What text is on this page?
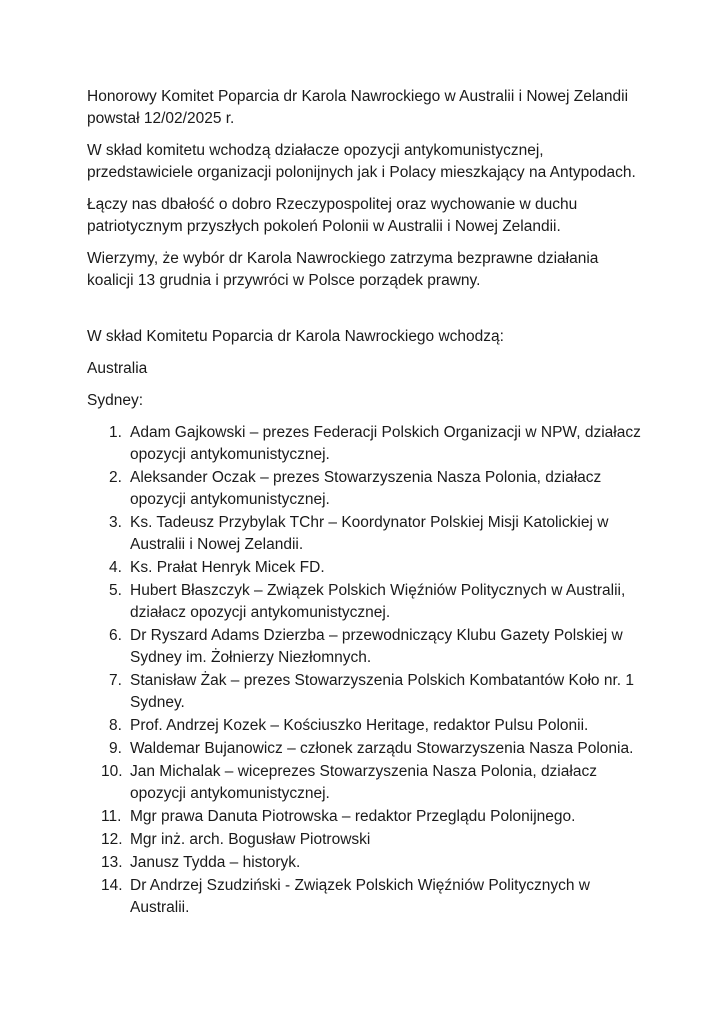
Honorowy Komitet Poparcia dr Karola Nawrockiego w Australii i Nowej Zelandii powstał 12/02/2025 r.

W skład komitetu wchodzą działacze opozycji antykomunistycznej, przedstawiciele organizacji polonijnych jak i Polacy mieszkający na Antypodach.

Łączy nas dbałość o dobro Rzeczypospolitej oraz wychowanie w duchu patriotycznym przyszłych pokoleń Polonii w Australii i Nowej Zelandii.

Wierzymy, że wybór dr Karola Nawrockiego zatrzyma bezprawne działania koalicji 13 grudnia i przywróci w Polsce porządek prawny.

W skład Komitetu Poparcia dr Karola Nawrockiego wchodzą:

Australia

Sydney:

1. Adam Gajkowski – prezes Federacji Polskich Organizacji w NPW, działacz opozycji antykomunistycznej.
2. Aleksander Oczak – prezes Stowarzyszenia Nasza Polonia, działacz opozycji antykomunistycznej.
3. Ks. Tadeusz Przybylak TChr – Koordynator Polskiej Misji Katolickiej w Australii i Nowej Zelandii.
4. Ks. Prałat Henryk Micek FD.
5. Hubert Błaszczyk – Związek Polskich Więźniów Politycznych w Australii, działacz opozycji antykomunistycznej.
6. Dr Ryszard Adams Dzierzba – przewodniczący Klubu Gazety Polskiej w Sydney im. Żołnierzy Niezłomnych.
7. Stanisław Żak – prezes Stowarzyszenia Polskich Kombatantów Koło nr. 1 Sydney.
8. Prof. Andrzej Kozek – Kościuszko Heritage, redaktor Pulsu Polonii.
9. Waldemar Bujanowicz – członek zarządu Stowarzyszenia Nasza Polonia.
10. Jan Michalak – wiceprezes Stowarzyszenia Nasza Polonia, działacz opozycji antykomunistycznej.
11. Mgr prawa Danuta Piotrowska – redaktor Przeglądu Polonijnego.
12. Mgr inż. arch. Bogusław Piotrowski
13. Janusz Tydda – historyk.
14. Dr Andrzej Szudziński - Związek Polskich Więźniów Politycznych w Australii.
